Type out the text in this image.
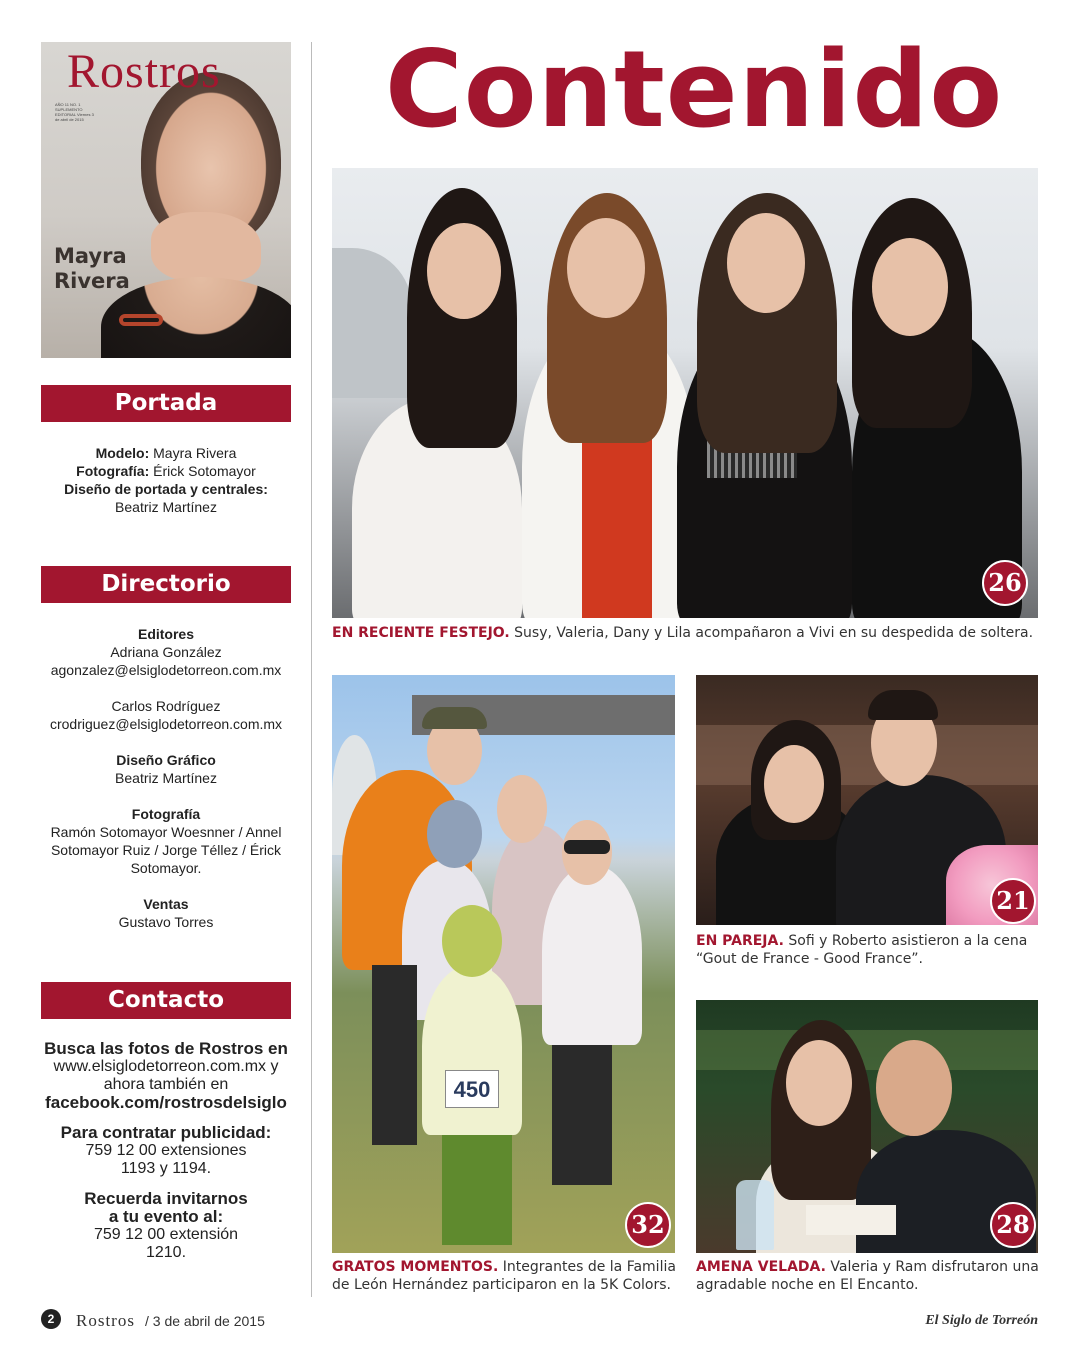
Rostros
AÑO 11 NO. 1 SUPLEMENTO EDITORIAL Viernes 3 de abril de 2015
Mayra
Rivera
Portada
Modelo: Mayra Rivera
Fotografía: Érick Sotomayor
Diseño de portada y centrales:
Beatriz Martínez
Directorio
Editores
Adriana González
agonzalez@elsiglodetorreon.com.mx
Carlos Rodríguez
crodriguez@elsiglodetorreon.com.mx
Diseño Gráfico
Beatriz Martínez
Fotografía
Ramón Sotomayor Woesnner / Annel Sotomayor Ruiz / Jorge Téllez / Érick Sotomayor.
Ventas
Gustavo Torres
Contacto
Busca las fotos de Rostros en
www.elsiglodetorreon.com.mx y
ahora también en
facebook.com/rostrosdelsiglo
Para contratar publicidad:
759 12 00 extensiones
1193 y 1194.
Recuerda invitarnos
a tu evento al:
759 12 00 extensión
1210.
Contenido
26
EN RECIENTE FESTEJO. Susy, Valeria, Dany y Lila acompañaron a Vivi en su despedida de soltera.
450
32
GRATOS MOMENTOS. Integrantes de la Familia de León Hernández participaron en la 5K Colors.
21
EN PAREJA. Sofi y Roberto asistieron a la cena “Gout de France - Good France”.
28
AMENA VELADA. Valeria y Ram disfrutaron una agradable noche en El Encanto.
2	Rostros / 3 de abril de 2015	El Siglo de Torreón
